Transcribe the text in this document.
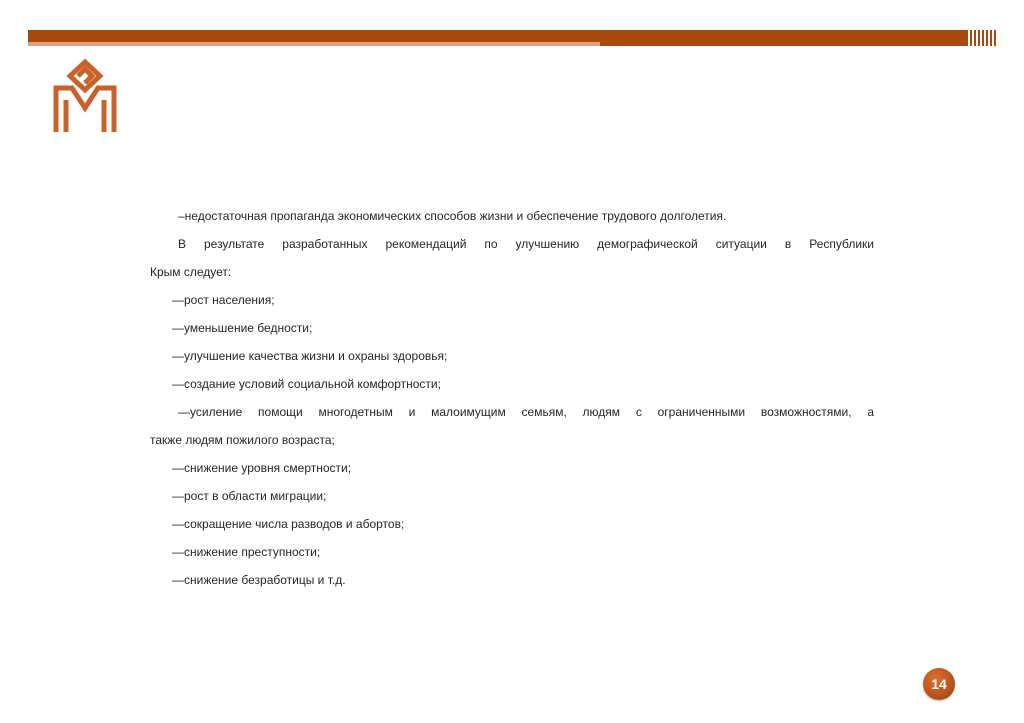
–недостаточная пропаганда экономических способов жизни и обеспечение трудового долголетия.
В результате разработанных рекомендаций по улучшению демографической ситуации в Республики
Крым следует:
—рост населения;
—уменьшение бедности;
—улучшение качества жизни и охраны здоровья;
—создание условий социальной комфортности;
—усиление помощи многодетным и малоимущим семьям, людям с ограниченными возможностями, а
также людям пожилого возраста;
—снижение уровня смертности;
—рост в области миграции;
—сокращение числа разводов и абортов;
—снижение преступности;
—снижение безработицы и т.д.
14
